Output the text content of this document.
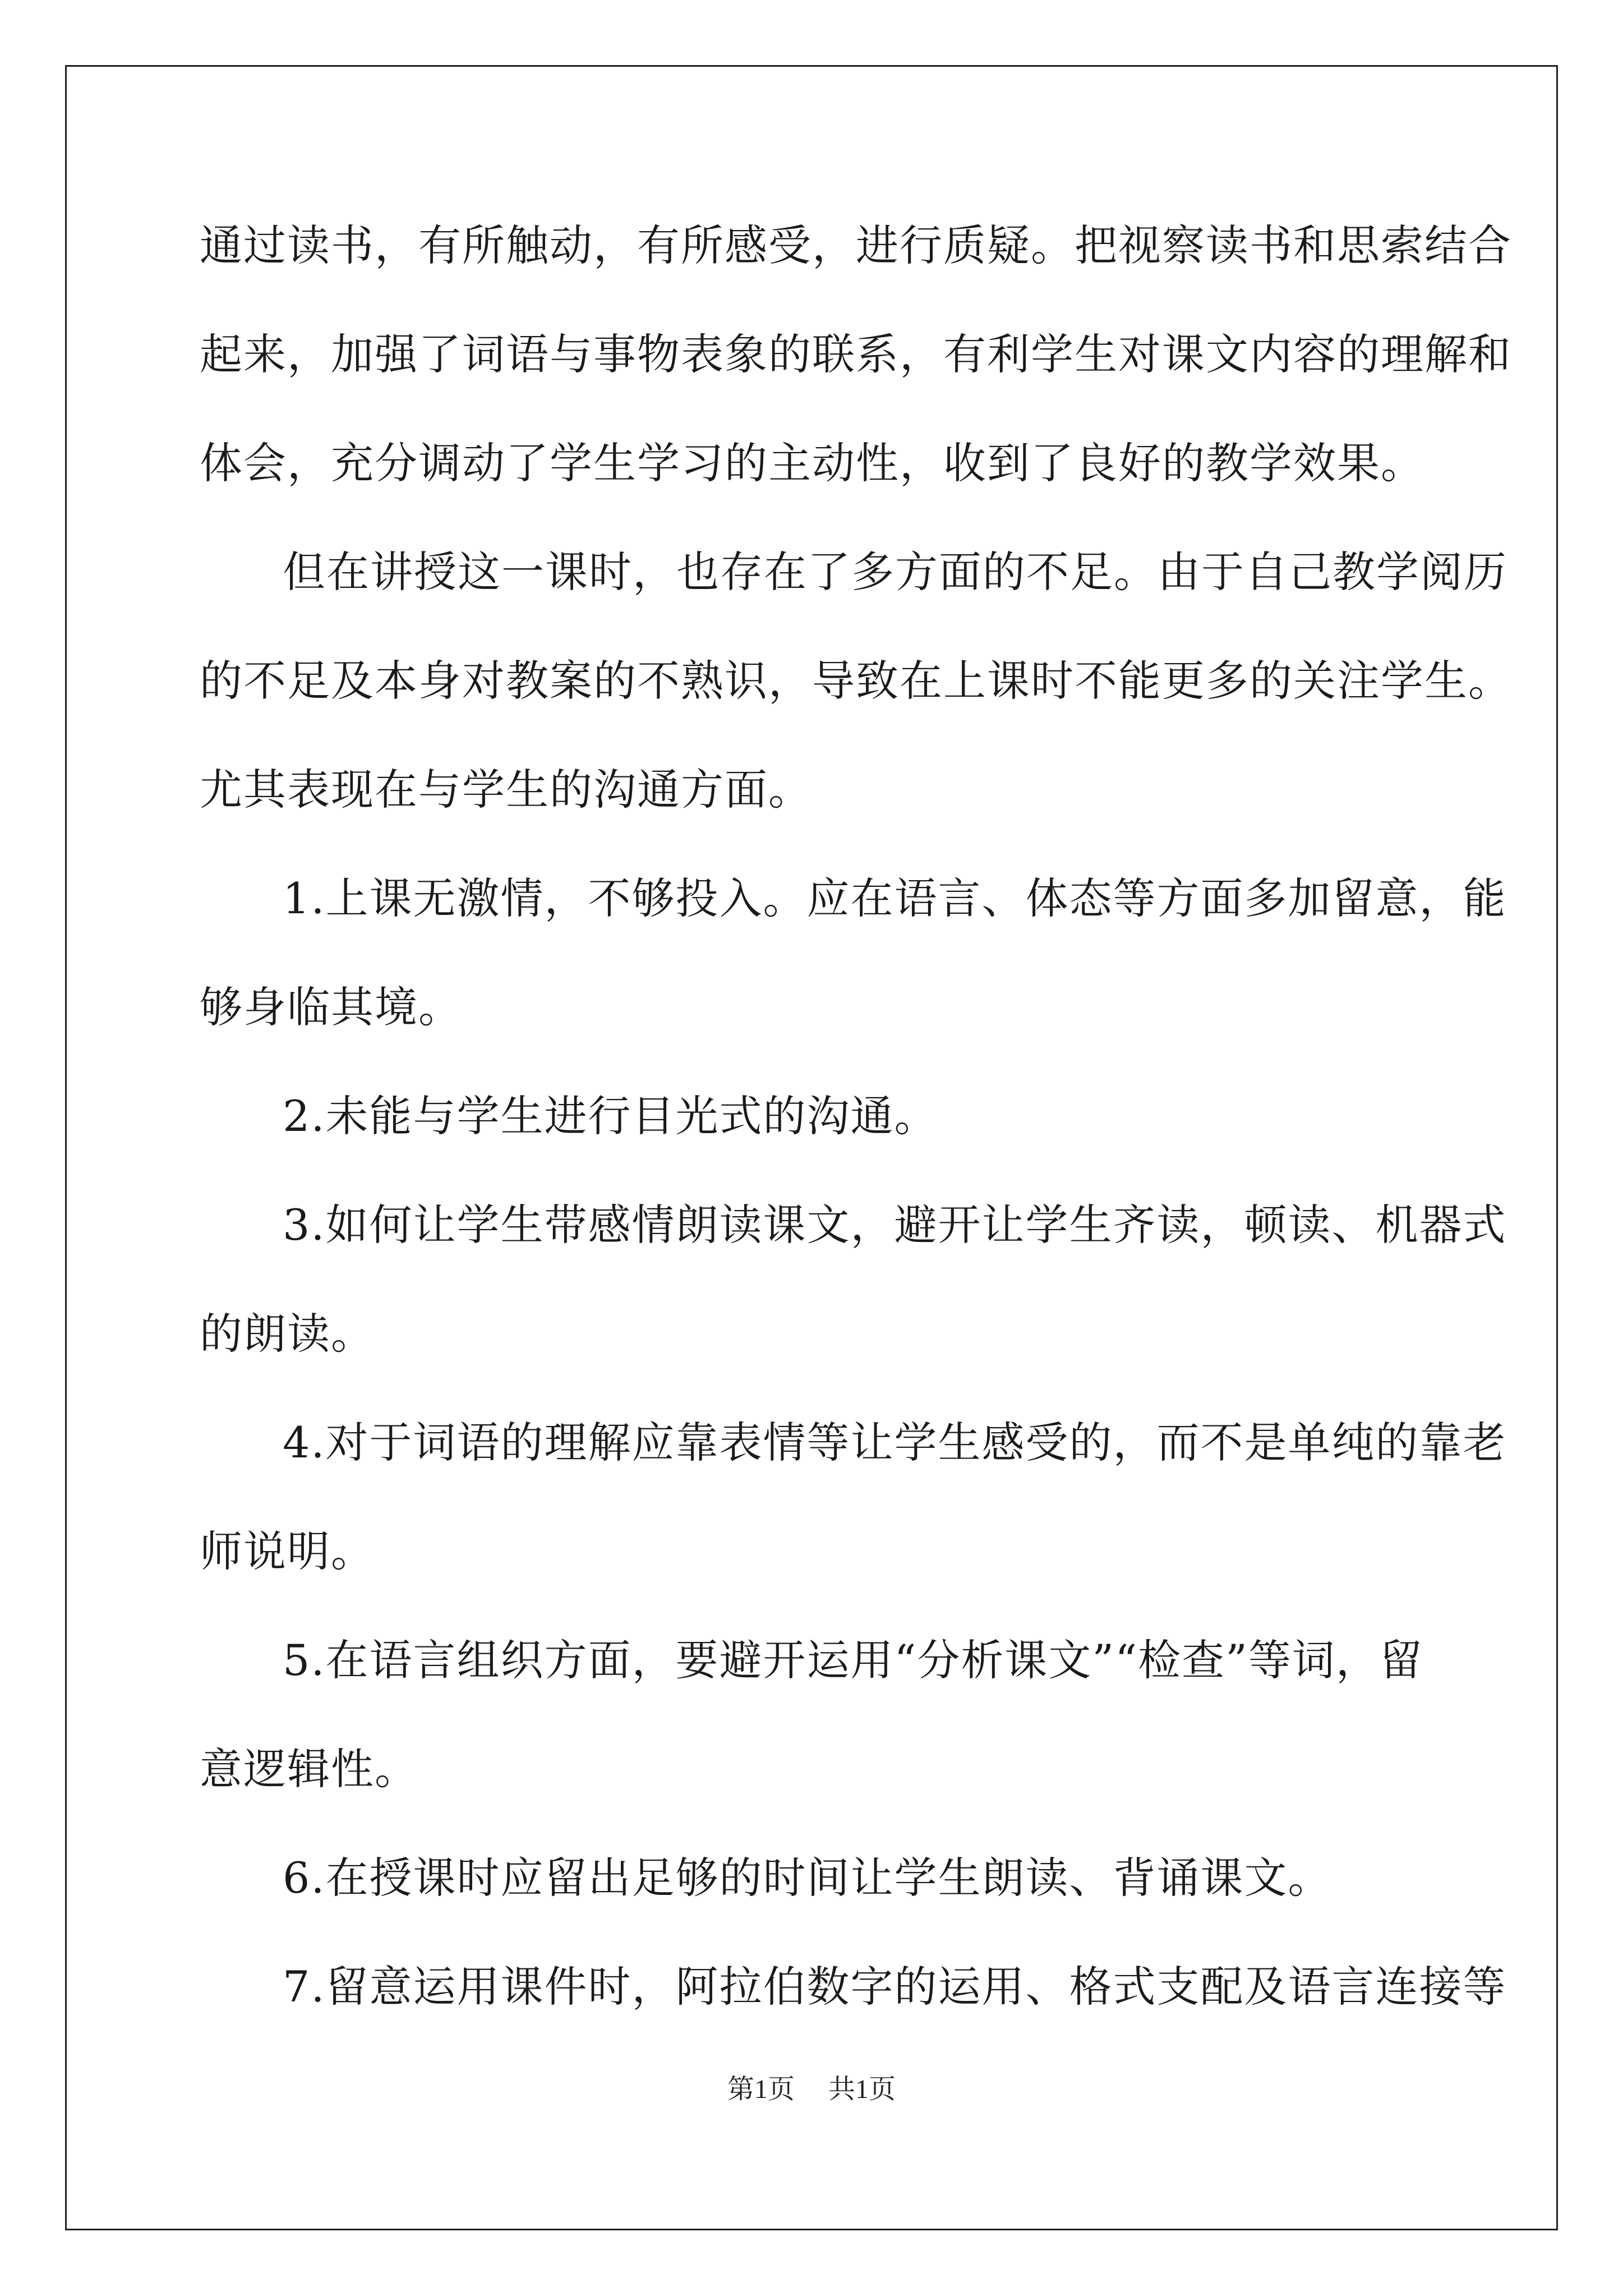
通过读书，有所触动，有所感受，进行质疑。把视察读书和思索结合
起来，加强了词语与事物表象的联系，有利学生对课文内容的理解和
体会，充分调动了学生学习的主动性，收到了良好的教学效果。
但在讲授这一课时，也存在了多方面的不足。由于自己教学阅历
的不足及本身对教案的不熟识，导致在上课时不能更多的关注学生。
尤其表现在与学生的沟通方面。
1.上课无激情，不够投入。应在语言、体态等方面多加留意，能
够身临其境。
2.未能与学生进行目光式的沟通。
3.如何让学生带感情朗读课文，避开让学生齐读，顿读、机器式
的朗读。
4.对于词语的理解应靠表情等让学生感受的，而不是单纯的靠老
师说明。
5.在语言组织方面，要避开运用“分析课文”“检查”等词，留
意逻辑性。
6.在授课时应留出足够的时间让学生朗读、背诵课文。
7.留意运用课件时，阿拉伯数字的运用、格式支配及语言连接等
第1页 共1页
